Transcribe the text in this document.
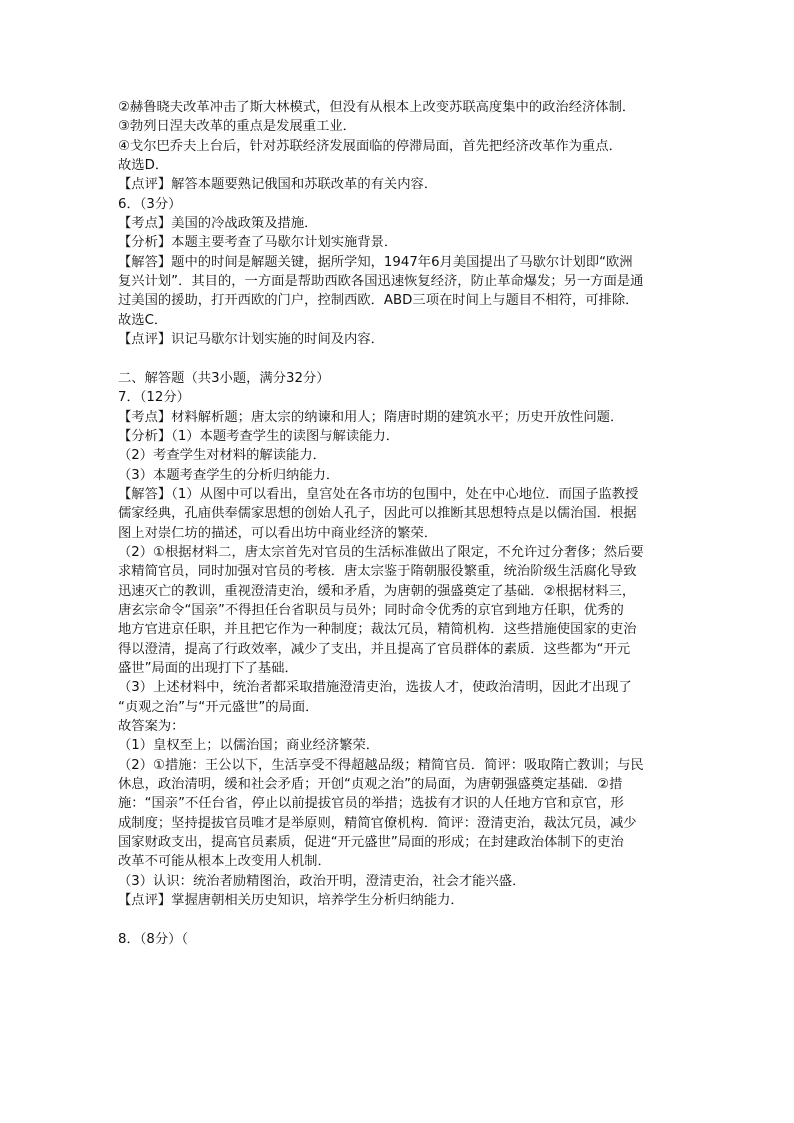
②赫鲁晓夫改革冲击了斯大林模式，但没有从根本上改变苏联高度集中的政治经济体制．
③勃列日涅夫改革的重点是发展重工业．
④戈尔巴乔夫上台后，针对苏联经济发展面临的停滞局面，首先把经济改革作为重点．
故选D．
【点评】解答本题要熟记俄国和苏联改革的有关内容．
6．（3分）
【考点】美国的冷战政策及措施．
【分析】本题主要考查了马歇尔计划实施背景．
【解答】题中的时间是解题关键，据所学知，1947年6月美国提出了马歇尔计划即“欧洲
复兴计划”．其目的，一方面是帮助西欧各国迅速恢复经济，防止革命爆发；另一方面是通
过美国的援助，打开西欧的门户，控制西欧．ABD三项在时间上与题目不相符，可排除．
故选C．
【点评】识记马歇尔计划实施的时间及内容．
二、解答题（共3小题，满分32分）
7．（12分）
【考点】材料解析题；唐太宗的纳谏和用人；隋唐时期的建筑水平；历史开放性问题．
【分析】（1）本题考查学生的读图与解读能力．
（2）考查学生对材料的解读能力．
（3）本题考查学生的分析归纳能力．
【解答】（1）从图中可以看出，皇宫处在各市坊的包围中，处在中心地位．而国子监教授
儒家经典，孔庙供奉儒家思想的创始人孔子，因此可以推断其思想特点是以儒治国．根据
图上对崇仁坊的描述，可以看出坊中商业经济的繁荣．
（2）①根据材料二，唐太宗首先对官员的生活标准做出了限定，不允许过分奢侈；然后要
求精简官员，同时加强对官员的考核．唐太宗鉴于隋朝服役繁重，统治阶级生活腐化导致
迅速灭亡的教训，重视澄清吏治，缓和矛盾，为唐朝的强盛奠定了基础．②根据材料三，
唐玄宗命令“国亲”不得担任台省职员与员外；同时命令优秀的京官到地方任职，优秀的
地方官进京任职，并且把它作为一种制度；裁汰冗员，精简机构．这些措施使国家的吏治
得以澄清，提高了行政效率，减少了支出，并且提高了官员群体的素质．这些都为“开元
盛世”局面的出现打下了基础．
（3）上述材料中，统治者都采取措施澄清吏治，选拔人才，使政治清明，因此才出现了
“贞观之治”与“开元盛世”的局面．
故答案为：
（1）皇权至上；以儒治国；商业经济繁荣．
（2）①措施：王公以下，生活享受不得超越品级；精简官员．简评：吸取隋亡教训；与民
休息，政治清明，缓和社会矛盾；开创“贞观之治”的局面，为唐朝强盛奠定基础．②措
施：“国亲”不任台省，停止以前提拔官员的举措；选拔有才识的人任地方官和京官，形
成制度；坚持提拔官员唯才是举原则，精简官僚机构．简评：澄清吏治，裁汰冗员，减少
国家财政支出，提高官员素质，促进“开元盛世”局面的形成；在封建政治体制下的吏治
改革不可能从根本上改变用人机制．
（3）认识：统治者励精图治，政治开明，澄清吏治，社会才能兴盛．
【点评】掌握唐朝相关历史知识，培养学生分析归纳能力．
8．（8分）（
